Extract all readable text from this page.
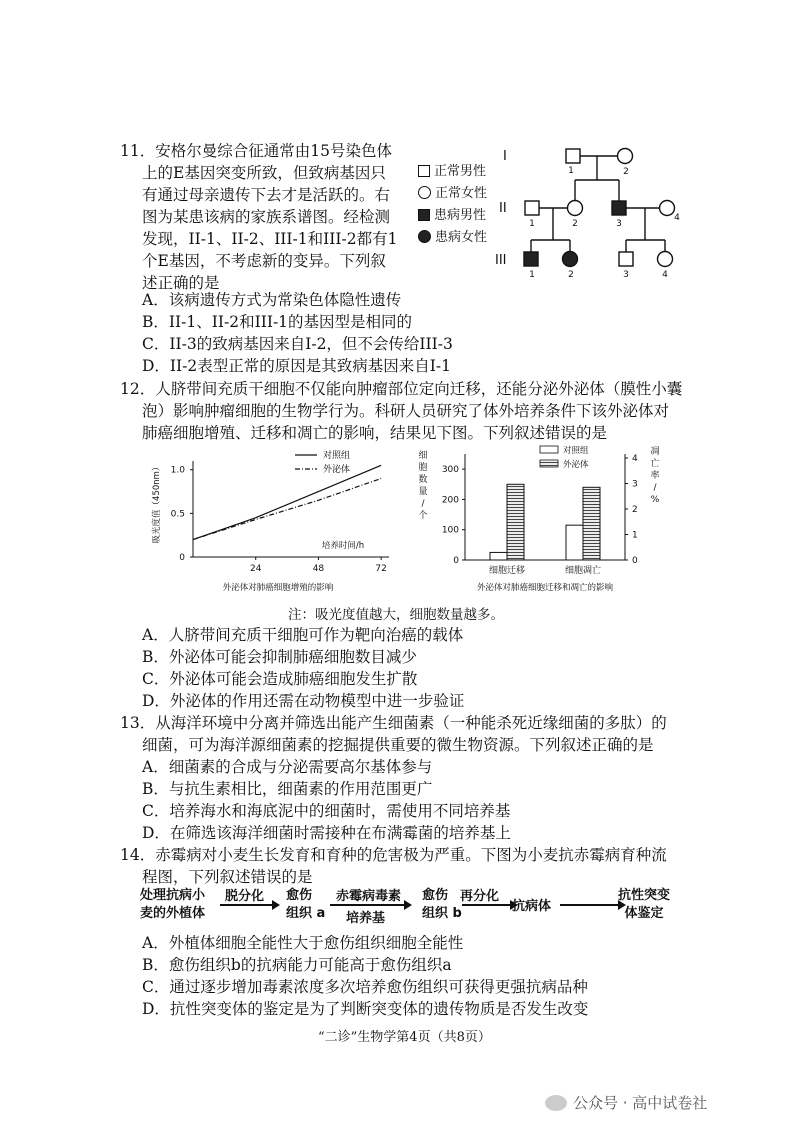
11．安格尔曼综合征通常由15号染色体
上的E基因突变所致，但致病基因只
有通过母亲遗传下去才是活跃的。右
图为某患该病的家族系谱图。经检测
发现，II-1、II-2、III-1和III-2都有1
个E基因，不考虑新的变异。下列叙
述正确的是
正常男性
正常女性
患病男性
患病女性
1	2
1	2	3
4
1	2	3	4
I
II
III
A．该病遗传方式为常染色体隐性遗传
B．II-1、II-2和III-1的基因型是相同的
C．II-3的致病基因来自I-2，但不会传给III-3
D．II-2表型正常的原因是其致病基因来自I-1
12．人脐带间充质干细胞不仅能向肿瘤部位定向迁移，还能分泌外泌体（膜性小囊
泡）影响肿瘤细胞的生物学行为。科研人员研究了体外培养条件下该外泌体对
肺癌细胞增殖、迁移和凋亡的影响，结果见下图。下列叙述错误的是
24	48	72
0
0.5
1.0
对照组
外泌体
吸光度值（450nm）
培养时间/h
外泌体对肺癌细胞增殖的影响
0
100
200
300
0
1
2
3
4
细胞迁移	细胞凋亡
对照组
外泌体
细
胞
数
量
/
个
凋
亡
率
/
%
外泌体对肺癌细胞迁移和凋亡的影响
注：吸光度值越大，细胞数量越多。
A．人脐带间充质干细胞可作为靶向治癌的载体
B．外泌体可能会抑制肺癌细胞数目减少
C．外泌体可能会造成肺癌细胞发生扩散
D．外泌体的作用还需在动物模型中进一步验证
13．从海洋环境中分离并筛选出能产生细菌素（一种能杀死近缘细菌的多肽）的
细菌，可为海洋源细菌素的挖掘提供重要的微生物资源。下列叙述正确的是
A．细菌素的合成与分泌需要高尔基体参与
B．与抗生素相比，细菌素的作用范围更广
C．培养海水和海底泥中的细菌时，需使用不同培养基
D．在筛选该海洋细菌时需接种在布满霉菌的培养基上
14．赤霉病对小麦生长发育和育种的危害极为严重。下图为小麦抗赤霉病育种流
程图，下列叙述错误的是
处理抗病小
麦的外植体
脱分化 愈伤
组织 a
赤霉病毒素
培养基
愈伤
组织 b
再分化
抗病体
抗性突变
体鉴定
A．外植体细胞全能性大于愈伤组织细胞全能性
B．愈伤组织b的抗病能力可能高于愈伤组织a
C．通过逐步增加毒素浓度多次培养愈伤组织可获得更强抗病品种
D．抗性突变体的鉴定是为了判断突变体的遗传物质是否发生改变
“二诊”生物学第4页（共8页）
公众号 · 高中试卷社
